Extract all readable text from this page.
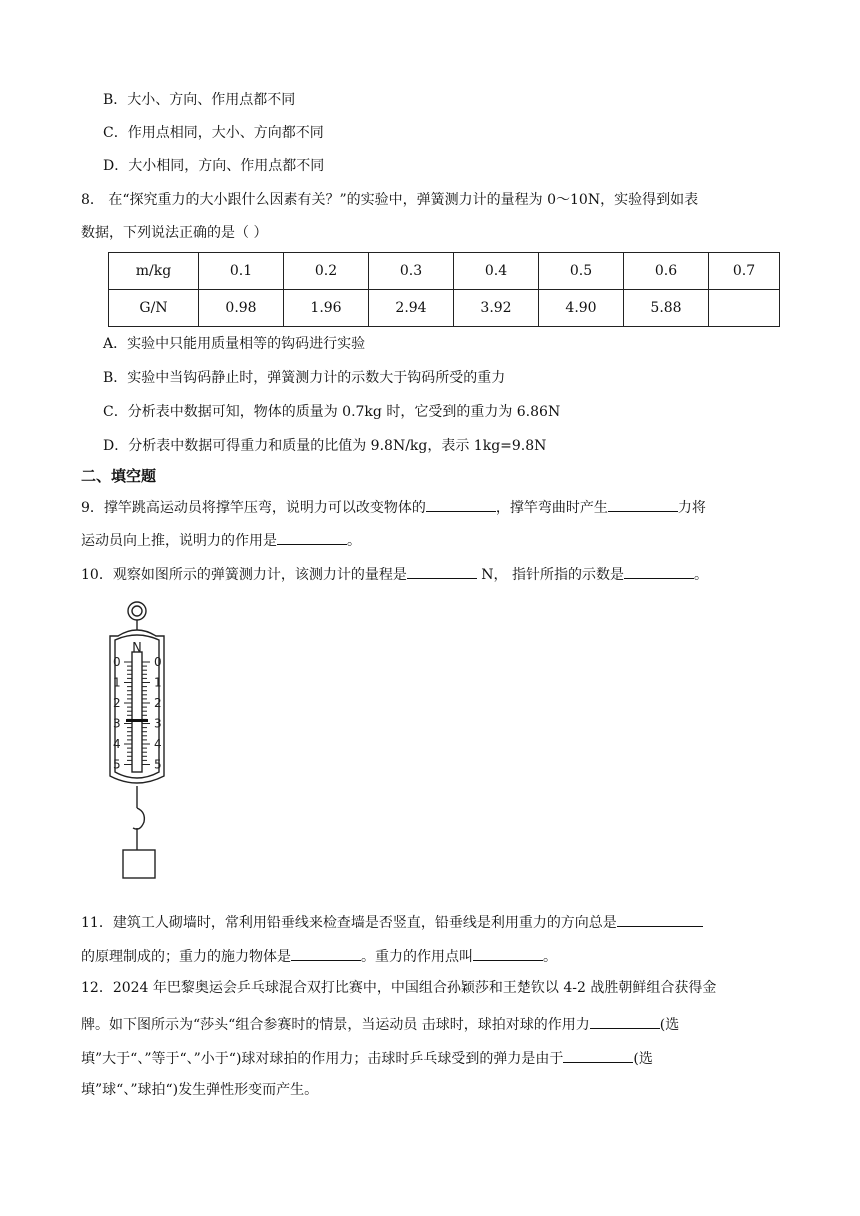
B．大小、方向、作用点都不同
C．作用点相同，大小、方向都不同
D．大小相同，方向、作用点都不同
8． 在“探究重力的大小跟什么因素有关？”的实验中，弹簧测力计的量程为 0～10N，实验得到如表
数据，下列说法正确的是（ ）
m/kg	0.1	0.2	0.3	0.4	0.5	0.6	0.7
G/N	0.98	1.96	2.94	3.92	4.90	5.88	
A．实验中只能用质量相等的钩码进行实验
B．实验中当钩码静止时，弹簧测力计的示数大于钩码所受的重力
C．分析表中数据可知，物体的质量为 0.7kg 时，它受到的重力为 6.86N
D．分析表中数据可得重力和质量的比值为 9.8N/kg，表示 1kg=9.8N
二、填空题
9．撑竿跳高运动员将撑竿压弯，说明力可以改变物体的	，撑竿弯曲时产生	力将
运动员向上推，说明力的作用是	。
10．观察如图所示的弹簧测力计，该测力计的量程是	N， 指针所指的示数是	。
N
0
1
2
3
4
5
0
1
2
3
4
5
11．建筑工人砌墙时，常利用铅垂线来检查墙是否竖直，铅垂线是利用重力的方向总是
的原理制成的；重力的施力物体是	。重力的作用点叫	。
12．2024 年巴黎奥运会乒乓球混合双打比赛中，中国组合孙颖莎和王楚钦以 4-2 战胜朝鲜组合获得金
牌。如下图所示为“莎头“组合参赛时的情景，当运动员 击球时，球拍对球的作用力	(选
填”大于“、”等于“、”小于“)球对球拍的作用力；击球时乒乓球受到的弹力是由于	(选
填”球“、”球拍“)发生弹性形变而产生。
